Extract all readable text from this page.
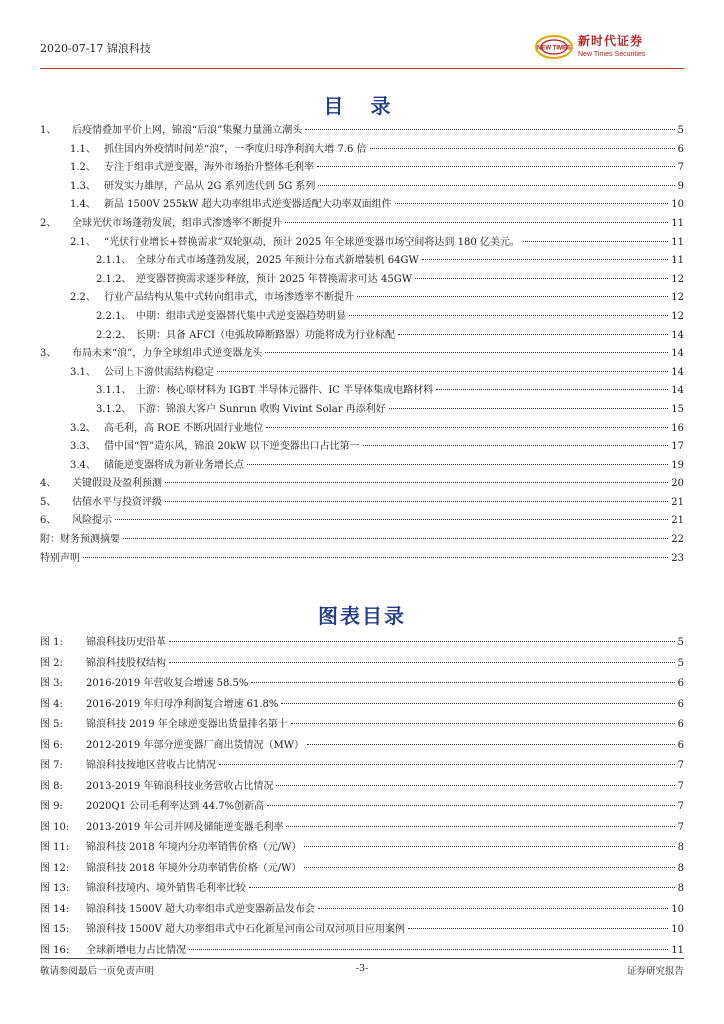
2020-07-17 锦浪科技	NEW TIMES
新时代证券
New Times Securities
目 录
1、	后疫情叠加平价上网，锦浪“后浪”集聚力量涌立潮头	5
1.1、 抓住国内外疫情时间差“浪”，一季度归母净利润大增 7.6 倍	6
1.2、 专注于组串式逆变器，海外市场抬升整体毛利率	7
1.3、 研发实力雄厚，产品从 2G 系列迭代到 5G 系列	9
1.4、 新品 1500V 255kW 超大功率组串式逆变器适配大功率双面组件	10
2、	全球光伏市场蓬勃发展，组串式渗透率不断提升	11
2.1、 “光伏行业增长+替换需求”双轮驱动，预计 2025 年全球逆变器市场空间将达到 180 亿美元。	11
2.1.1、 全球分布式市场蓬勃发展，2025 年预计分布式新增装机 64GW	11
2.1.2、 逆变器替换需求逐步释放，预计 2025 年替换需求可达 45GW	12
2.2、 行业产品结构从集中式转向组串式，市场渗透率不断提升	12
2.2.1、 中期：组串式逆变器替代集中式逆变器趋势明显	12
2.2.2、 长期：具备 AFCI（电弧故障断路器）功能将成为行业标配	14
3、	布局未来“浪”，力争全球组串式逆变器龙头	14
3.1、 公司上下游供需结构稳定	14
3.1.1、 上游：核心原材料为 IGBT 半导体元器件、IC 半导体集成电路材料	14
3.1.2、 下游：锦浪大客户 Sunrun 收购 Vivint Solar 再添利好	15
3.2、 高毛利，高 ROE 不断巩固行业地位	16
3.3、 借中国“智”造东风，锦浪 20kW 以下逆变器出口占比第一	17
3.4、 储能逆变器将成为新业务增长点	19
4、	关键假设及盈利预测	20
5、	估值水平与投资评级	21
6、	风险提示	21
附：财务预测摘要	22
特别声明	23
图表目录
图 1:	锦浪科技历史沿革	5
图 2:	锦浪科技股权结构	5
图 3:	2016-2019 年营收复合增速 58.5%	6
图 4:	2016-2019 年归母净利润复合增速 61.8%	6
图 5:	锦浪科技 2019 年全球逆变器出货量排名第十	6
图 6:	2012-2019 年部分逆变器厂商出货情况（MW）	6
图 7:	锦浪科技按地区营收占比情况	7
图 8:	2013-2019 年锦浪科技业务营收占比情况	7
图 9:	2020Q1 公司毛利率达到 44.7%创新高	7
图 10:	2013-2019 年公司并网及储能逆变器毛利率	7
图 11:	锦浪科技 2018 年境内分功率销售价格（元/W）	8
图 12:	锦浪科技 2018 年境外分功率销售价格（元/W）	8
图 13:	锦浪科技境内、境外销售毛利率比较	8
图 14:	锦浪科技 1500V 超大功率组串式逆变器新品发布会	10
图 15:	锦浪科技 1500V 超大功率组串式中石化新星河南公司双河项目应用案例	10
图 16:	全球新增电力占比情况	11
敬请参阅最后一页免责声明	-3-	证券研究报告
